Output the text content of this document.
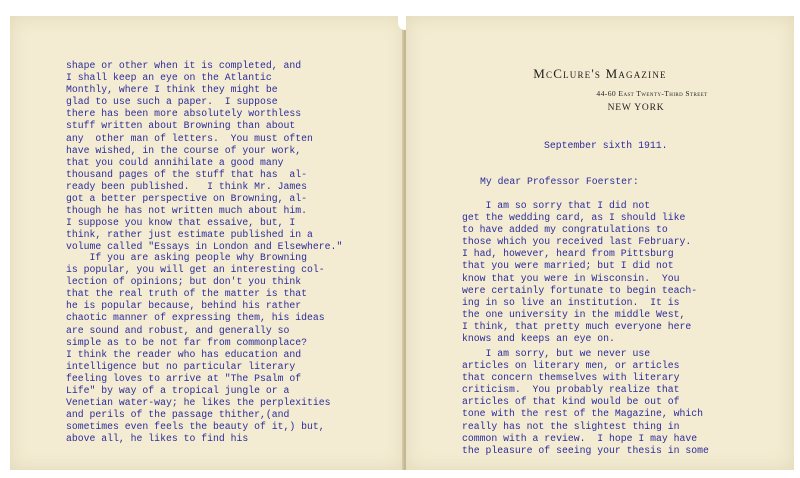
shape or other when it is completed, and
I shall keep an eye on the Atlantic
Monthly, where I think they might be
glad to use such a paper.  I suppose
there has been more absolutely worthless
stuff written about Browning than about
any  other man of letters.  You must often
have wished, in the course of your work,
that you could annihilate a good many
thousand pages of the stuff that has  al-
ready been published.   I think Mr. James
got a better perspective on Browning, al-
though he has not written much about him.
I suppose you know that essaive, but, I
think, rather just estimate published in a
volume called "Essays in London and Elsewhere."
If you are asking people why Browning
is popular, you will get an interesting col-
lection of opinions; but don't you think
that the real truth of the matter is that
he is popular because, behind his rather
chaotic manner of expressing them, his ideas
are sound and robust, and generally so
simple as to be not far from commonplace?
I think the reader who has education and
intelligence but no particular literary
feeling loves to arrive at "The Psalm of
Life" by way of a tropical jungle or a
Venetian water-way; he likes the perplexities
and perils of the passage thither,(and
sometimes even feels the beauty of it,) but,
above all, he likes to find his
McClure's Magazine
44-60 East Twenty-Third Street
NEW YORK
September sixth 1911.
My dear Professor Foerster:
I am so sorry that I did not
get the wedding card, as I should like
to have added my congratulations to
those which you received last February.
I had, however, heard from Pittsburg
that you were married; but I did not
know that you were in Wisconsin.  You
were certainly fortunate to begin teach-
ing in so live an institution.  It is
the one university in the middle West,
I think, that pretty much everyone here
knows and keeps an eye on.
I am sorry, but we never use
articles on literary men, or articles
that concern themselves with literary
criticism.  You probably realize that
articles of that kind would be out of
tone with the rest of the Magazine, which
really has not the slightest thing in
common with a review.  I hope I may have
the pleasure of seeing your thesis in some
